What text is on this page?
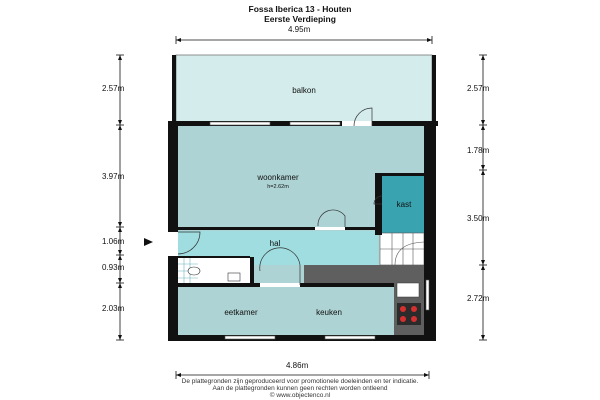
Fossa Iberica 13 - Houten
Eerste Verdieping
balkon
woonkamer
h=2.62m
kast
hal
eetkamer	keuken
4.95m
4.86m
2.57m
3.97m
1.06m
0.93m
2.03m
2.57m
1.78m
3.50m
2.72m
De plattegronden zijn geproduceerd voor promotionele doeleinden en ter indicatie.
Aan de plattegronden kunnen geen rechten worden ontleend
© www.objectenco.nl
